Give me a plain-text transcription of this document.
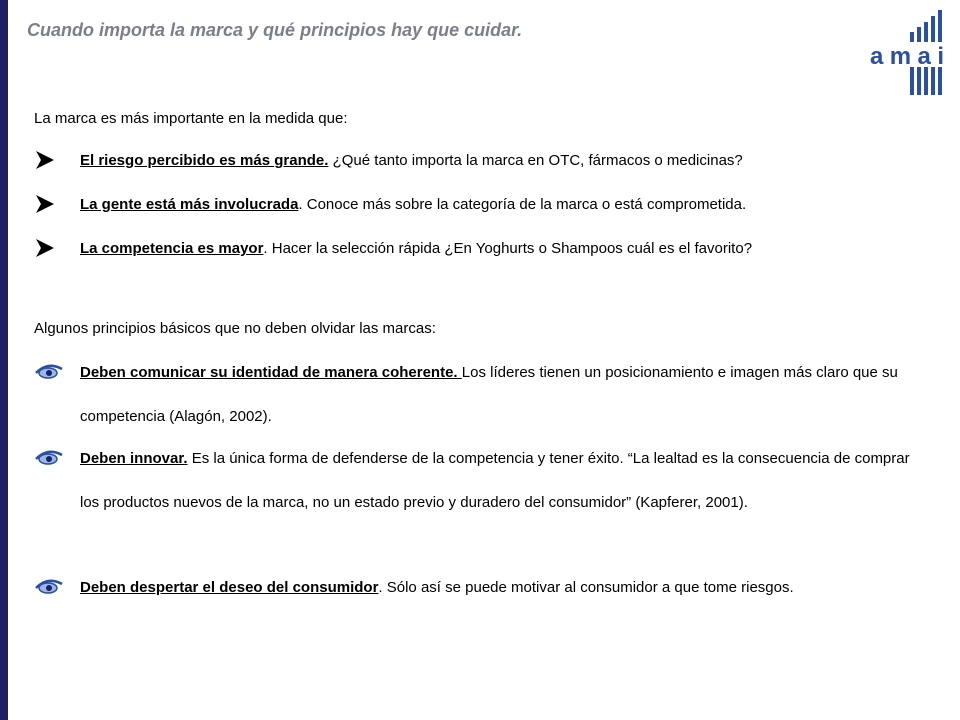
Cuando importa la marca y qué principios hay que cuidar.
amai
La marca es más importante en la medida que:
El riesgo percibido es más grande. ¿Qué tanto importa la marca en OTC, fármacos o medicinas?
La gente está más involucrada. Conoce más sobre la categoría de la marca o está comprometida.
La competencia es mayor. Hacer la selección rápida ¿En Yoghurts o Shampoos cuál es el favorito?
Algunos principios básicos que no deben olvidar las marcas:
Deben comunicar su identidad de manera coherente. Los líderes tienen un posicionamiento e imagen más claro que su competencia (Alagón, 2002).
Deben innovar. Es la única forma de defenderse de la competencia y tener éxito. “La lealtad es la consecuencia de comprar los productos nuevos de la marca, no un estado previo y duradero del consumidor” (Kapferer, 2001).
Deben despertar el deseo del consumidor. Sólo así se puede motivar al consumidor a que tome riesgos.
